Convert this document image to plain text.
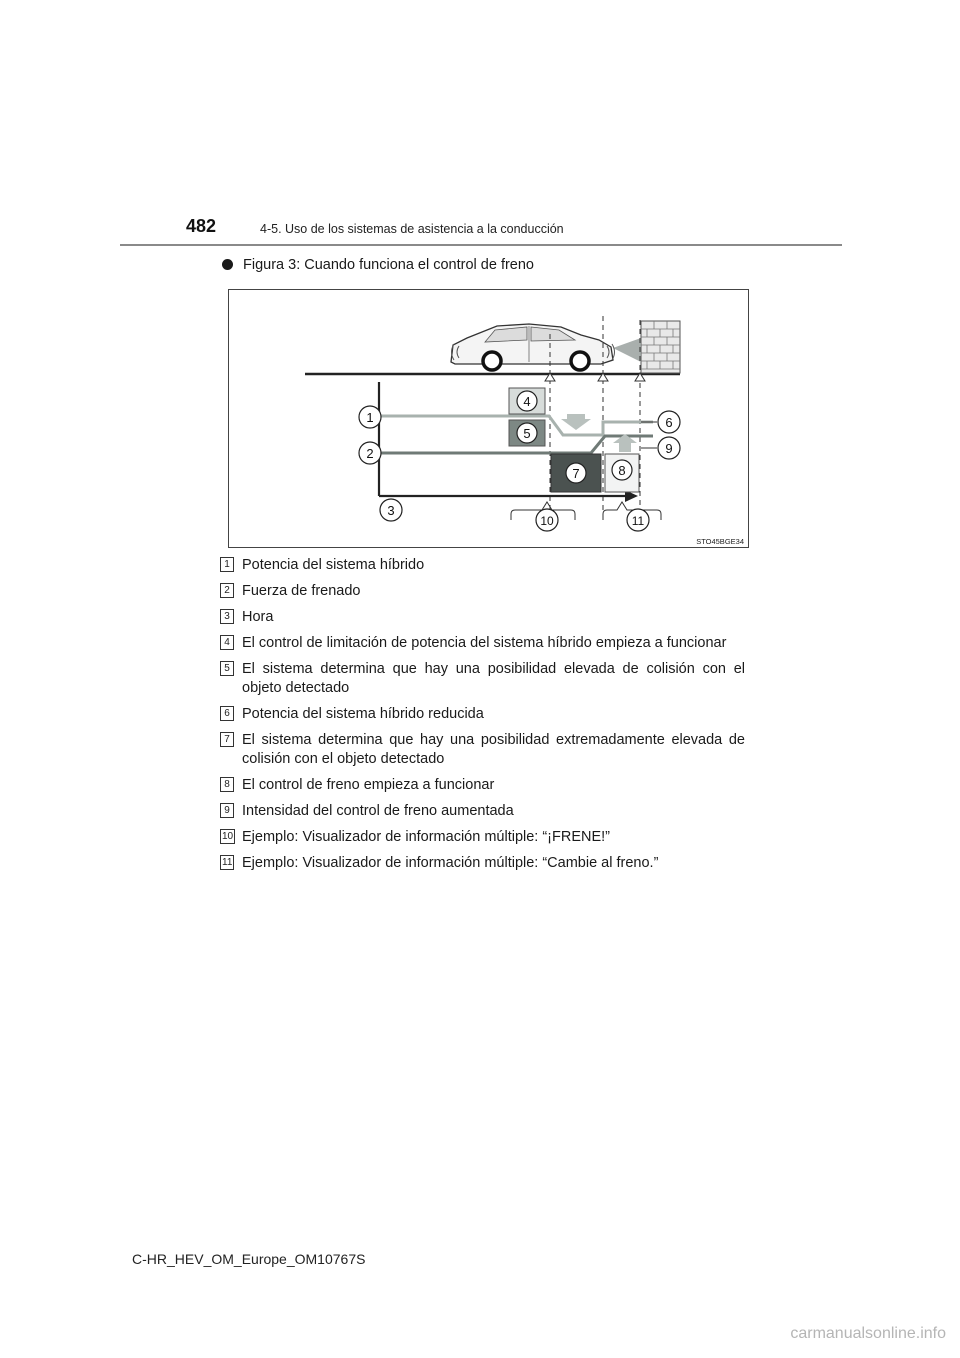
482	4-5. Uso de los sistemas de asistencia a la conducción
Figura 3: Cuando funciona el control de freno
1
2
3
4
5
6
7	8
9
10	11
STO45BGE34
1 Potencia del sistema híbrido
2 Fuerza de frenado
3 Hora
4 El control de limitación de potencia del sistema híbrido empieza a funcionar
5 El sistema determina que hay una posibilidad elevada de colisión con el objeto detectado
6 Potencia del sistema híbrido reducida
7 El sistema determina que hay una posibilidad extremadamente elevada de colisión con el objeto detectado
8 El control de freno empieza a funcionar
9 Intensidad del control de freno aumentada
10 Ejemplo: Visualizador de información múltiple: “¡FRENE!”
11 Ejemplo: Visualizador de información múltiple: “Cambie al freno.”
C-HR_HEV_OM_Europe_OM10767S
carmanualsonline.info
